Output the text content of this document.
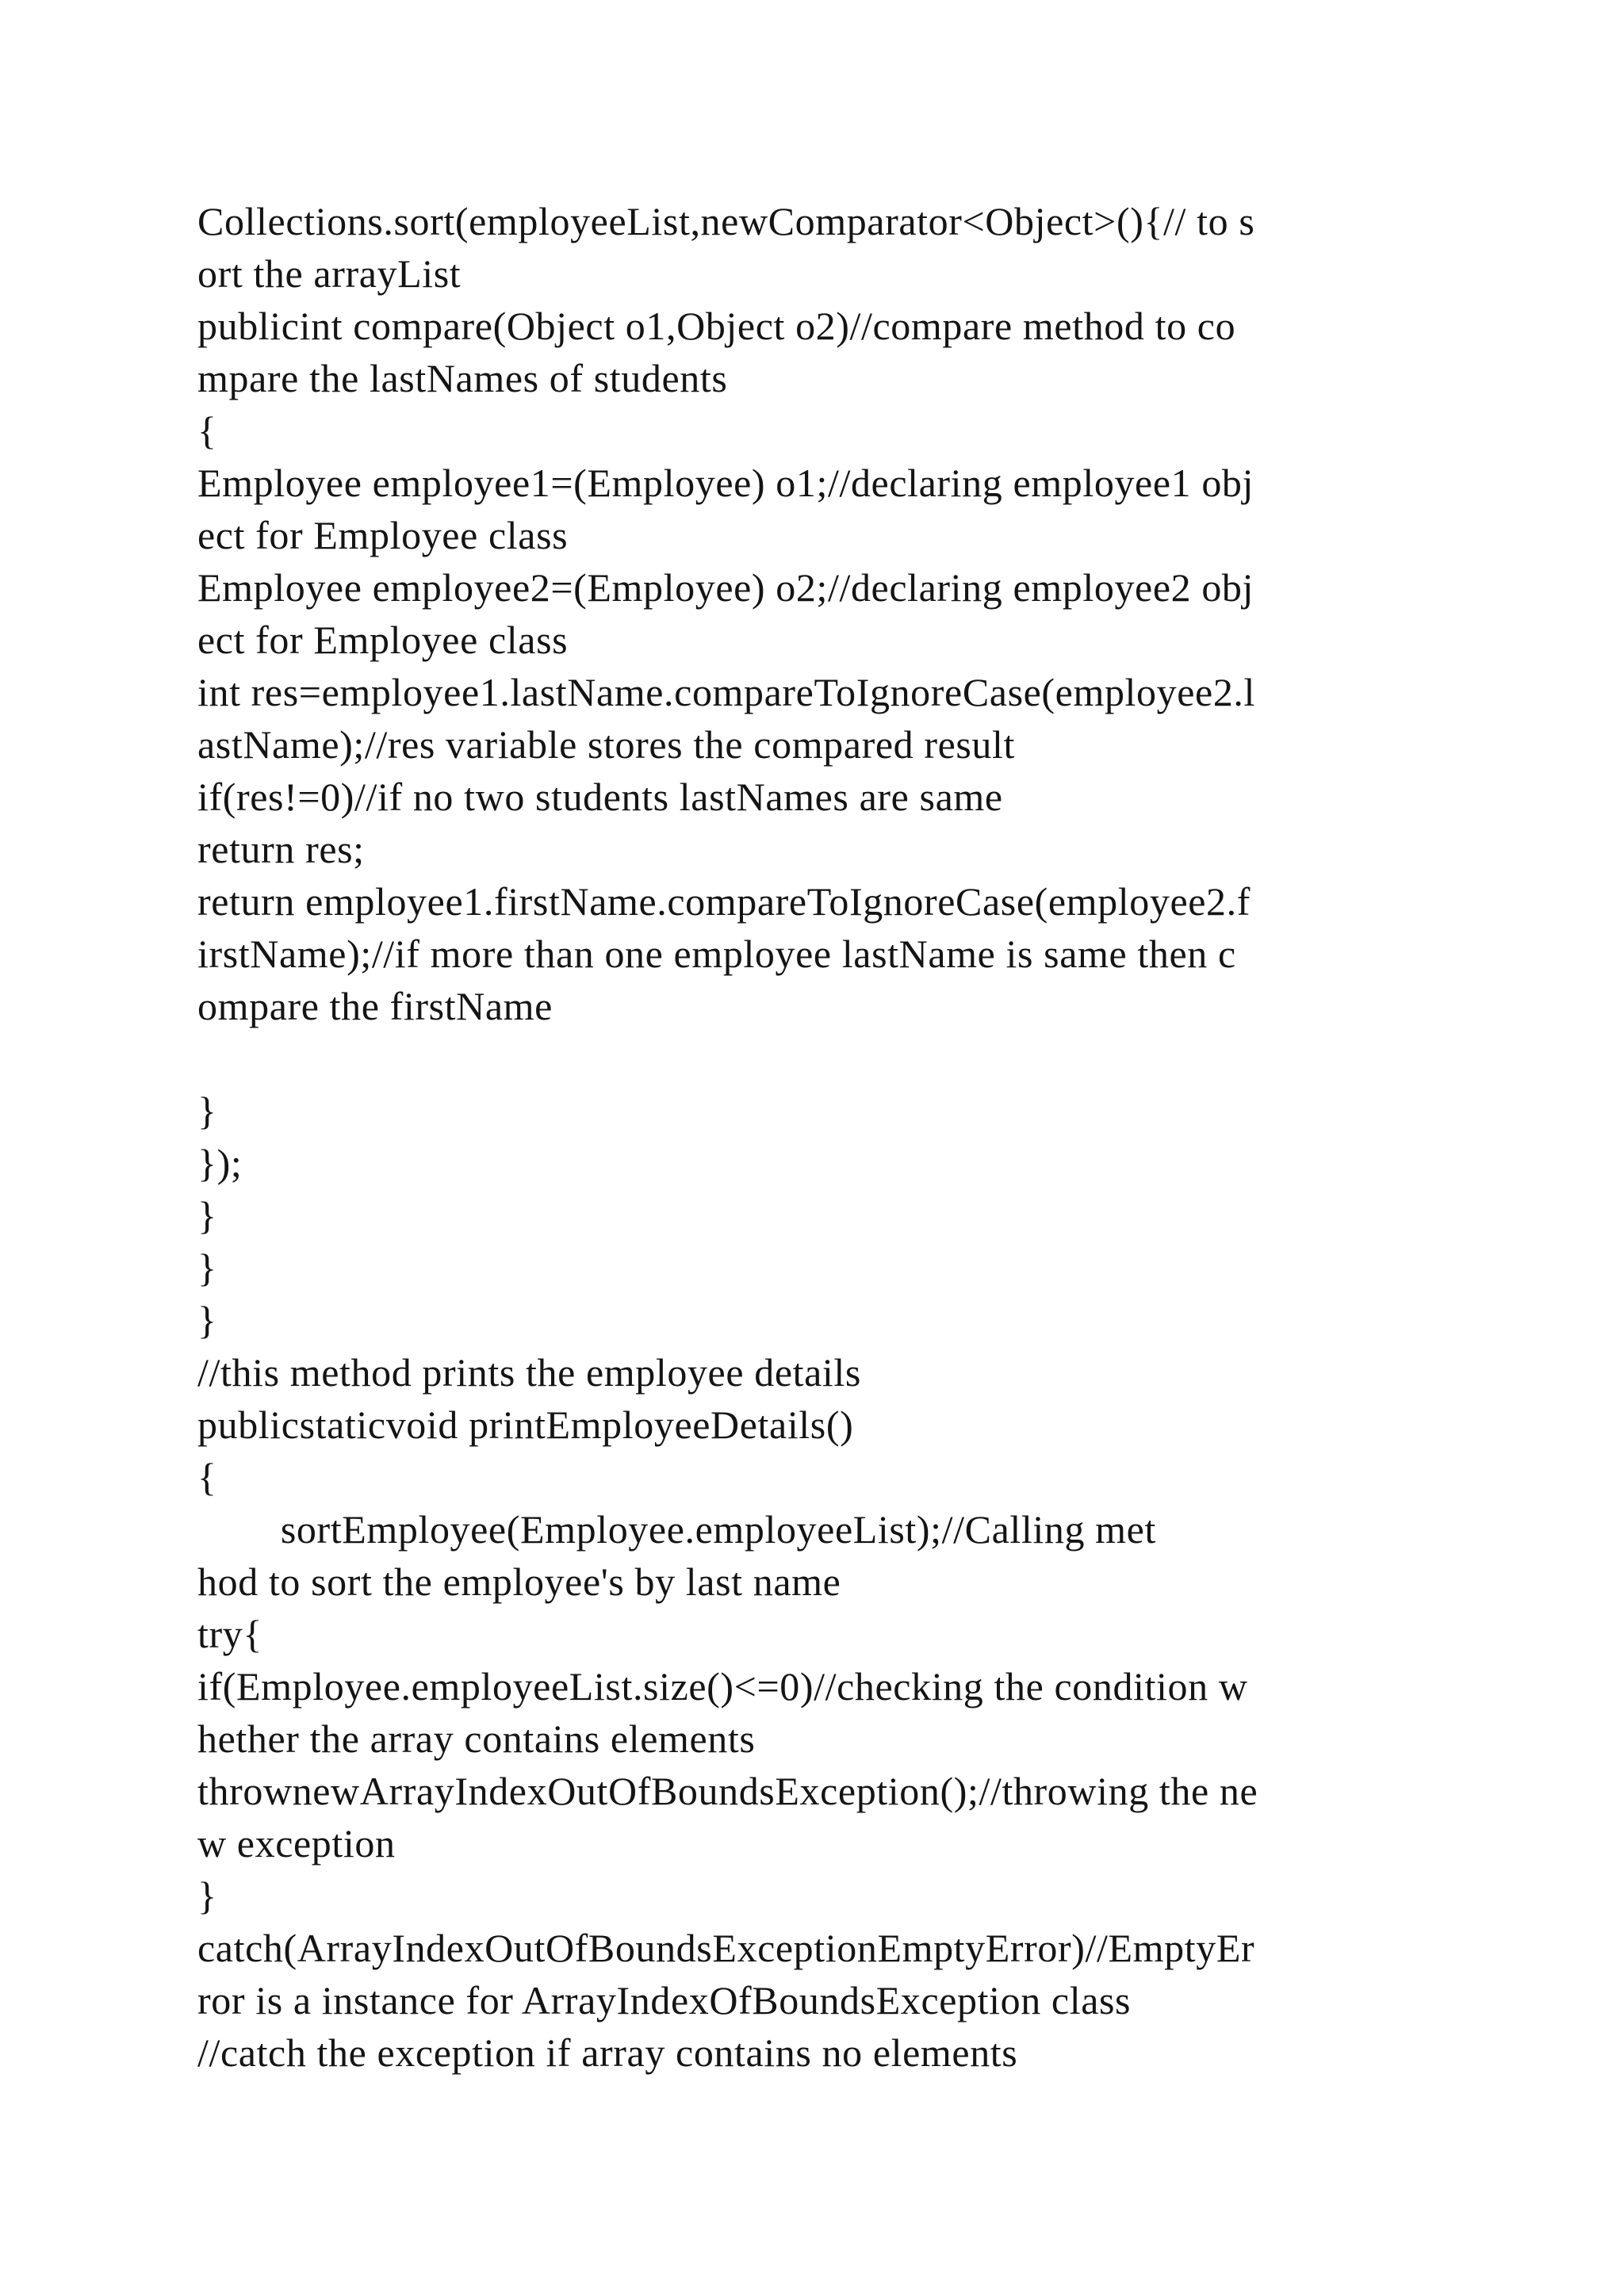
Collections.sort(employeeList,newComparator<Object>(){// to s
ort the arrayList
publicint compare(Object o1,Object o2)//compare method to co
mpare the lastNames of students
{
Employee employee1=(Employee) o1;//declaring employee1 obj
ect for Employee class
Employee employee2=(Employee) o2;//declaring employee2 obj
ect for Employee class
int res=employee1.lastName.compareToIgnoreCase(employee2.l
astName);//res variable stores the compared result
if(res!=0)//if no two students lastNames are same
return res;
return employee1.firstName.compareToIgnoreCase(employee2.f
irstName);//if more than one employee lastName is same then c
ompare the firstName
}
});
}
}
}
//this method prints the employee details
publicstaticvoid printEmployeeDetails()
{
				sortEmployee(Employee.employeeList);//Calling met
hod to sort the employee's by last name
try{
if(Employee.employeeList.size()<=0)//checking the condition w
hether the array contains elements
thrownewArrayIndexOutOfBoundsException();//throwing the ne
w exception
}
catch(ArrayIndexOutOfBoundsExceptionEmptyError)//EmptyEr
ror is a instance for ArrayIndexOfBoundsException class
//catch the exception if array contains no elements
